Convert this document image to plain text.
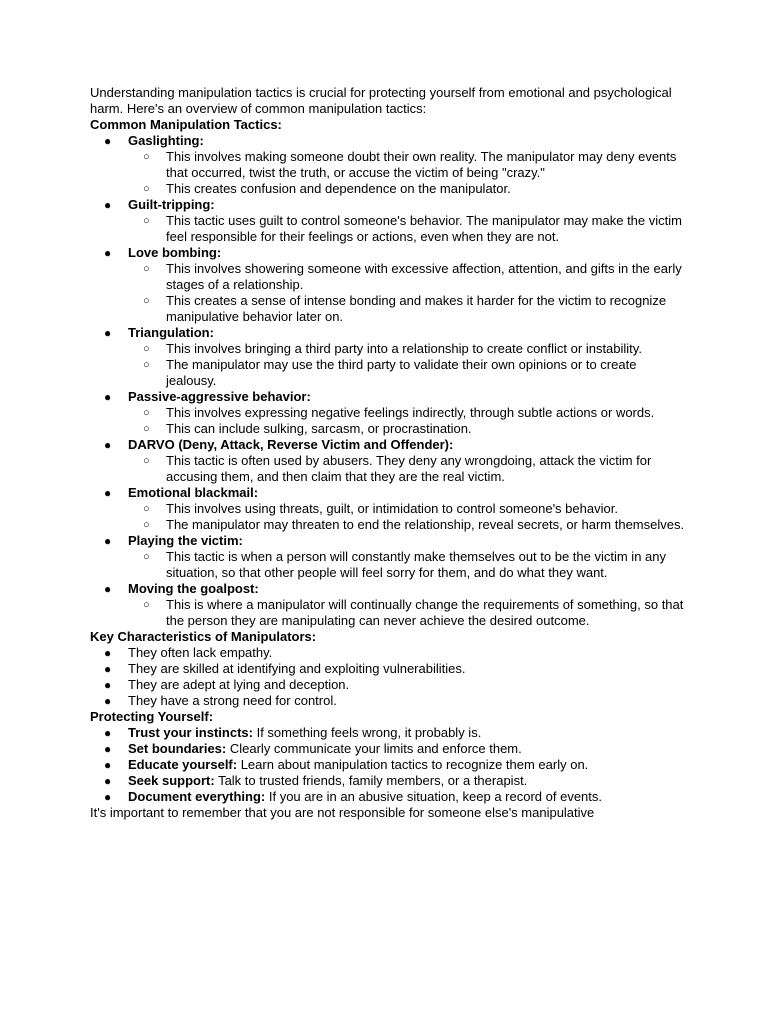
Understanding manipulation tactics is crucial for protecting yourself from emotional and psychological harm. Here's an overview of common manipulation tactics:

Common Manipulation Tactics:

● Gaslighting:
○ This involves making someone doubt their own reality. The manipulator may deny events that occurred, twist the truth, or accuse the victim of being "crazy."
○ This creates confusion and dependence on the manipulator.
● Guilt-tripping:
○ This tactic uses guilt to control someone's behavior. The manipulator may make the victim feel responsible for their feelings or actions, even when they are not.
● Love bombing:
○ This involves showering someone with excessive affection, attention, and gifts in the early stages of a relationship.
○ This creates a sense of intense bonding and makes it harder for the victim to recognize manipulative behavior later on.
● Triangulation:
○ This involves bringing a third party into a relationship to create conflict or instability.
○ The manipulator may use the third party to validate their own opinions or to create jealousy.
● Passive-aggressive behavior:
○ This involves expressing negative feelings indirectly, through subtle actions or words.
○ This can include sulking, sarcasm, or procrastination.
● DARVO (Deny, Attack, Reverse Victim and Offender):
○ This tactic is often used by abusers. They deny any wrongdoing, attack the victim for accusing them, and then claim that they are the real victim.
● Emotional blackmail:
○ This involves using threats, guilt, or intimidation to control someone's behavior.
○ The manipulator may threaten to end the relationship, reveal secrets, or harm themselves.
● Playing the victim:
○ This tactic is when a person will constantly make themselves out to be the victim in any situation, so that other people will feel sorry for them, and do what they want.
● Moving the goalpost:
○ This is where a manipulator will continually change the requirements of something, so that the person they are manipulating can never achieve the desired outcome.

Key Characteristics of Manipulators:

● They often lack empathy.
● They are skilled at identifying and exploiting vulnerabilities.
● They are adept at lying and deception.
● They have a strong need for control.

Protecting Yourself:

● Trust your instincts: If something feels wrong, it probably is.
● Set boundaries: Clearly communicate your limits and enforce them.
● Educate yourself: Learn about manipulation tactics to recognize them early on.
● Seek support: Talk to trusted friends, family members, or a therapist.
● Document everything: If you are in an abusive situation, keep a record of events.

It's important to remember that you are not responsible for someone else's manipulative
